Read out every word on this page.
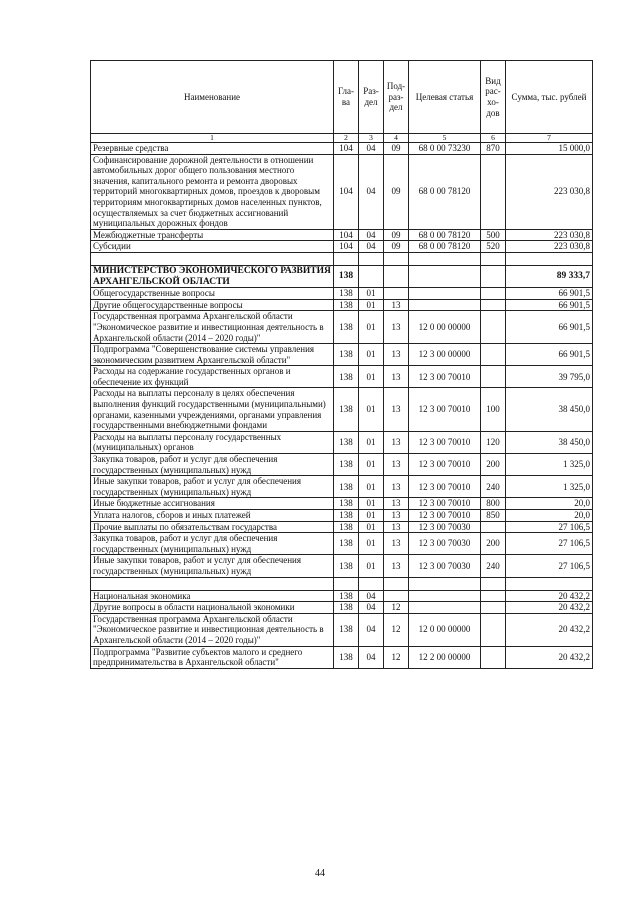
Наименование	Гла-ва	Раз-дел	Под-раз-дел	Целевая статья	Вид рас-хо-дов	Сумма, тыс. рублей
1	2	3	4	5	6	7
Резервные средства	104	04	09	68 0 00 73230	870	15 000,0
Софинансирование дорожной деятельности в отношении автомобильных дорог общего пользования местного значения, капитального ремонта и ремонта дворовых территорий многоквартирных домов, проездов к дворовым территориям многоквартирных домов населенных пунктов, осуществляемых за счет бюджетных ассигнований муниципальных дорожных фондов	104	04	09	68 0 00 78120		223 030,8
Межбюджетные трансферты	104	04	09	68 0 00 78120	500	223 030,8
Субсидии	104	04	09	68 0 00 78120	520	223 030,8

МИНИСТЕРСТВО ЭКОНОМИЧЕСКОГО РАЗВИТИЯ АРХАНГЕЛЬСКОЙ ОБЛАСТИ	138					89 333,7
Общегосударственные вопросы	138	01				66 901,5
Другие общегосударственные вопросы	138	01	13			66 901,5
Государственная программа Архангельской области "Экономическое развитие и инвестиционная деятельность в Архангельской области (2014 – 2020 годы)"	138	01	13	12 0 00 00000		66 901,5
Подпрограмма "Совершенствование системы управления экономическим развитием Архангельской области"	138	01	13	12 3 00 00000		66 901,5
Расходы на содержание государственных органов и обеспечение их функций	138	01	13	12 3 00 70010		39 795,0
Расходы на выплаты персоналу в целях обеспечения выполнения функций государственными (муниципальными) органами, казенными учреждениями, органами управления государственными внебюджетными фондами	138	01	13	12 3 00 70010	100	38 450,0
Расходы на выплаты персоналу государственных (муниципальных) органов	138	01	13	12 3 00 70010	120	38 450,0
Закупка товаров, работ и услуг для обеспечения государственных (муниципальных) нужд	138	01	13	12 3 00 70010	200	1 325,0
Иные закупки товаров, работ и услуг для обеспечения государственных (муниципальных) нужд	138	01	13	12 3 00 70010	240	1 325,0
Иные бюджетные ассигнования	138	01	13	12 3 00 70010	800	20,0
Уплата налогов, сборов и иных платежей	138	01	13	12 3 00 70010	850	20,0
Прочие выплаты по обязательствам государства	138	01	13	12 3 00 70030		27 106,5
Закупка товаров, работ и услуг для обеспечения государственных (муниципальных) нужд	138	01	13	12 3 00 70030	200	27 106,5
Иные закупки товаров, работ и услуг для обеспечения государственных (муниципальных) нужд	138	01	13	12 3 00 70030	240	27 106,5

Национальная экономика	138	04				20 432,2
Другие вопросы в области национальной экономики	138	04	12			20 432,2
Государственная программа Архангельской области "Экономическое развитие и инвестиционная деятельность в Архангельской области (2014 – 2020 годы)"	138	04	12	12 0 00 00000		20 432,2
Подпрограмма "Развитие субъектов малого и среднего предпринимательства в Архангельской области"	138	04	12	12 2 00 00000		20 432,2
44
